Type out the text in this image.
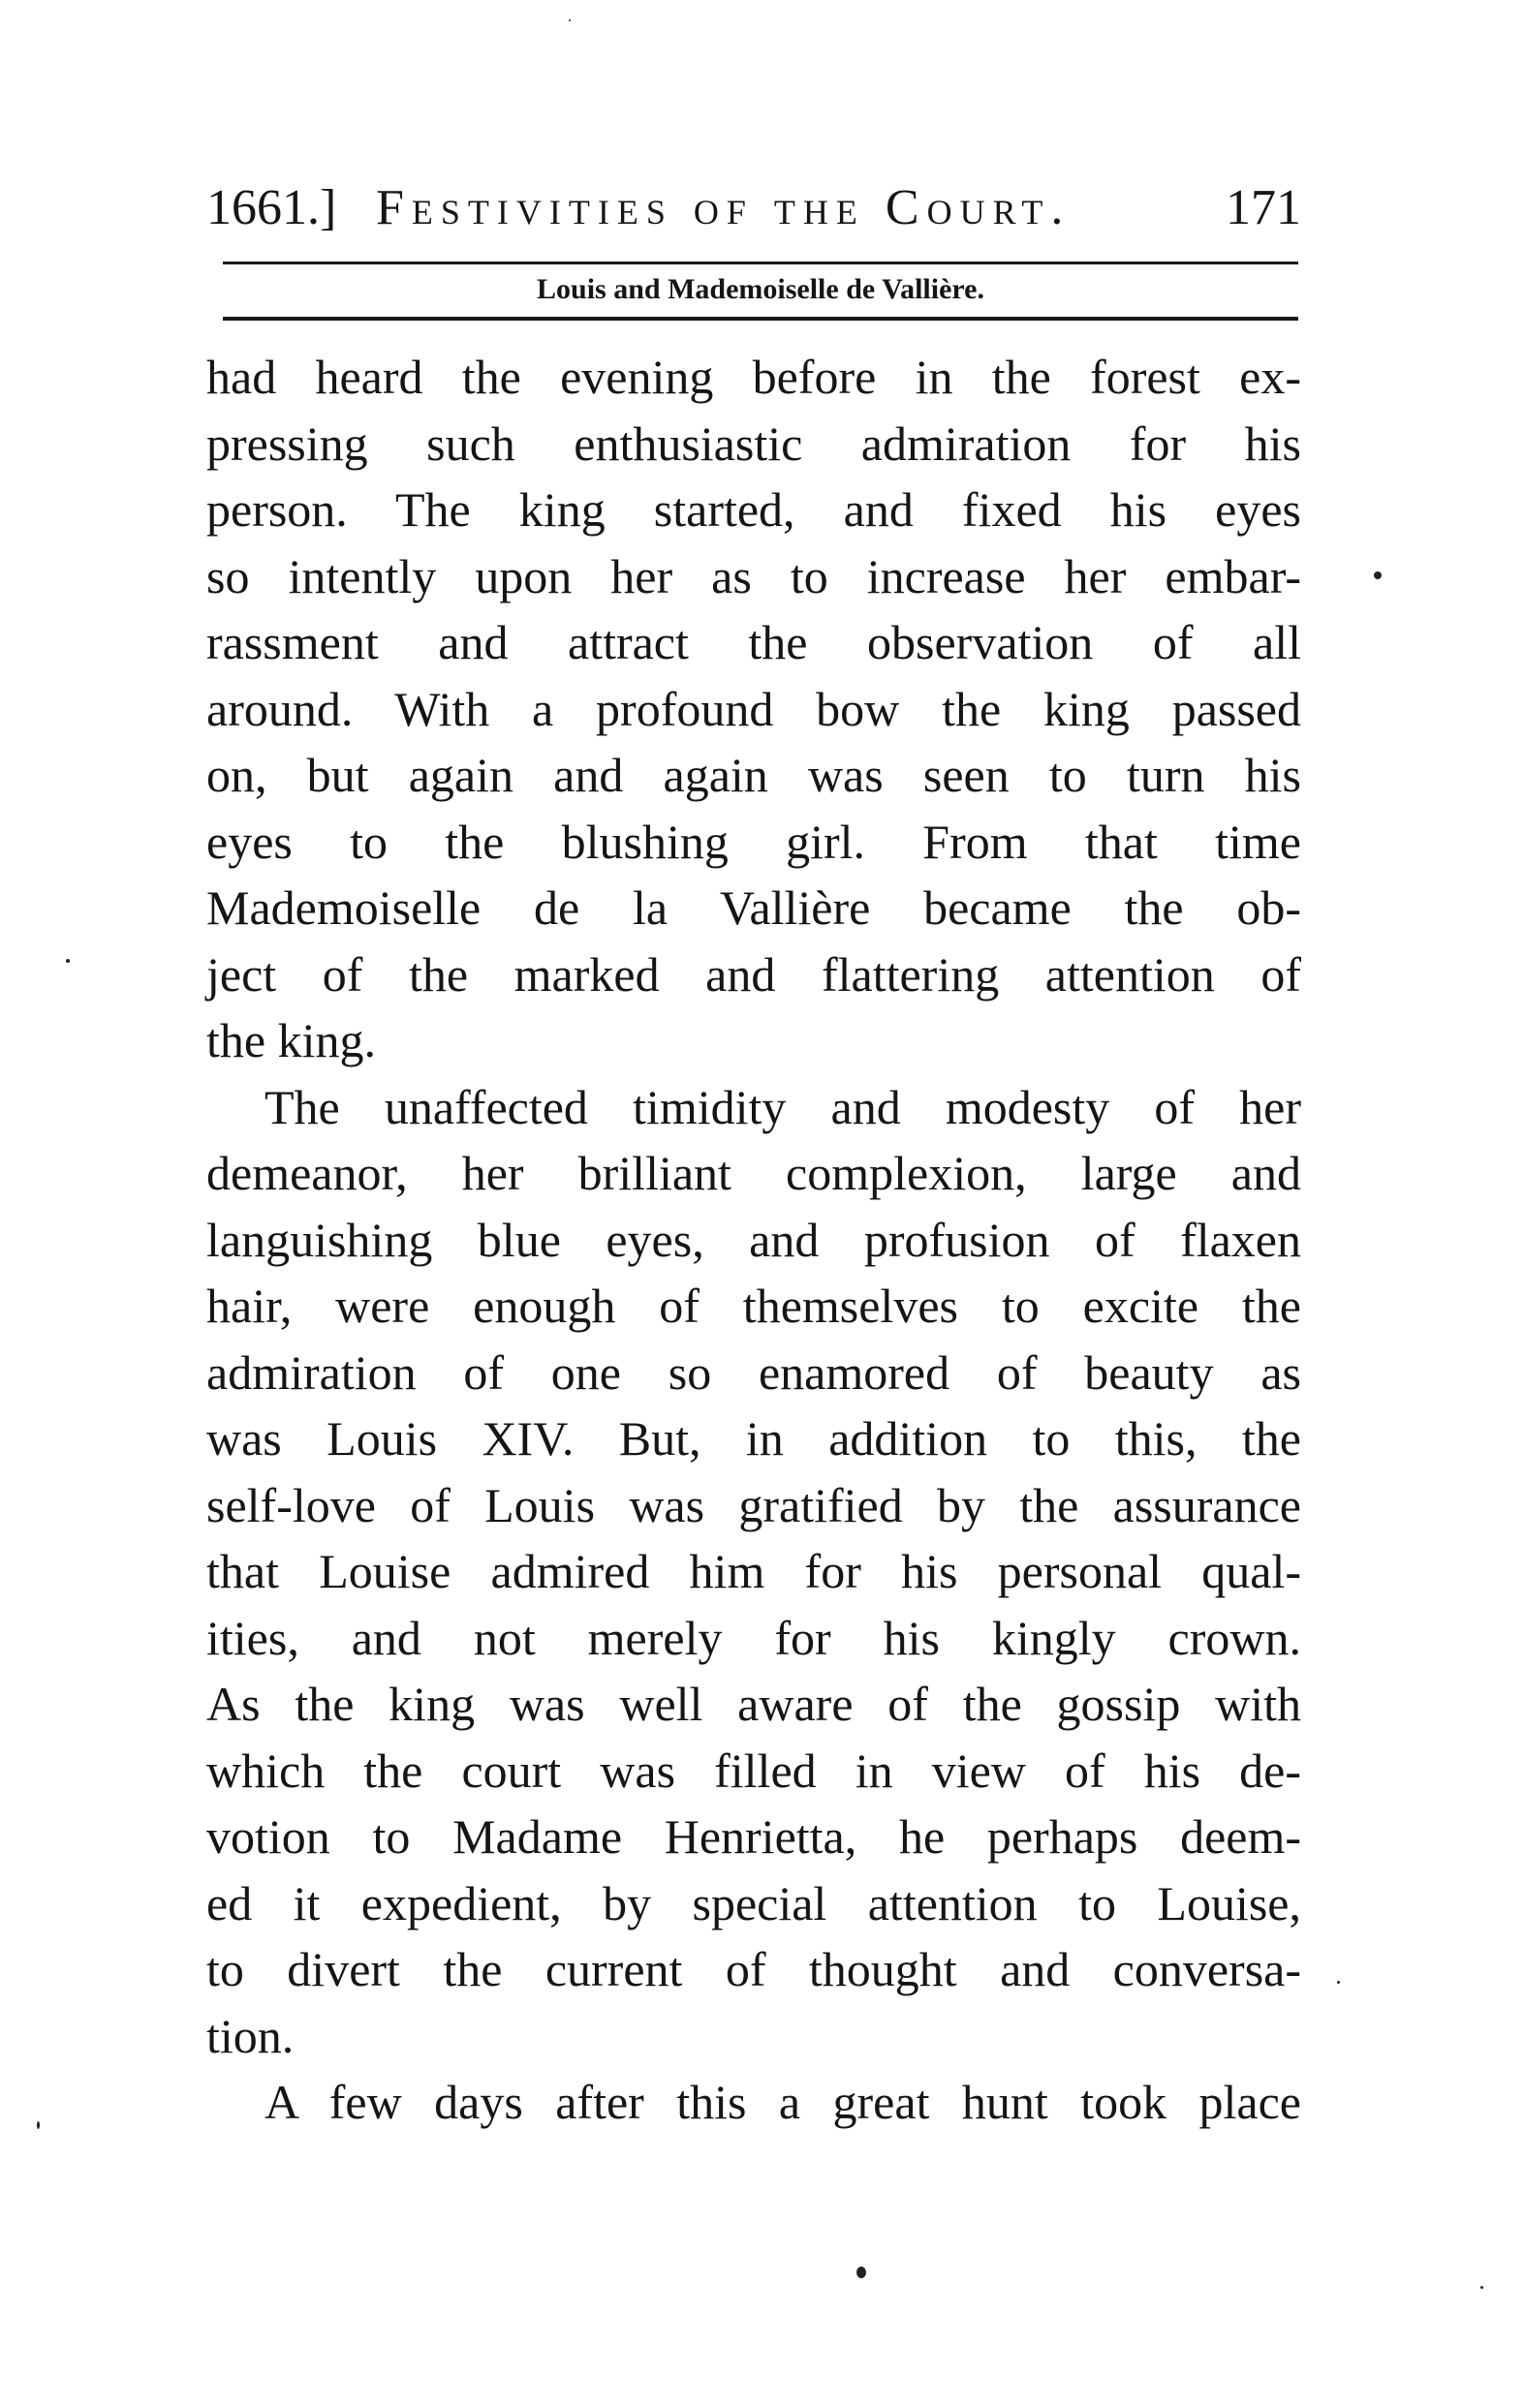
1661.] Festivities of the Court.	171
Louis and Mademoiselle de Vallière.
had heard the evening before in the forest ex-
pressing such enthusiastic admiration for his
person. The king started, and fixed his eyes
so intently upon her as to increase her embar-
rassment and attract the observation of all
around. With a profound bow the king passed
on, but again and again was seen to turn his
eyes to the blushing girl. From that time
Mademoiselle de la Vallière became the ob-
ject of the marked and flattering attention of
the king.
The unaffected timidity and modesty of her
demeanor, her brilliant complexion, large and
languishing blue eyes, and profusion of flaxen
hair, were enough of themselves to excite the
admiration of one so enamored of beauty as
was Louis XIV. But, in addition to this, the
self-love of Louis was gratified by the assurance
that Louise admired him for his personal qual-
ities, and not merely for his kingly crown.
As the king was well aware of the gossip with
which the court was filled in view of his de-
votion to Madame Henrietta, he perhaps deem-
ed it expedient, by special attention to Louise,
to divert the current of thought and conversa-
tion.
A few days after this a great hunt took place
